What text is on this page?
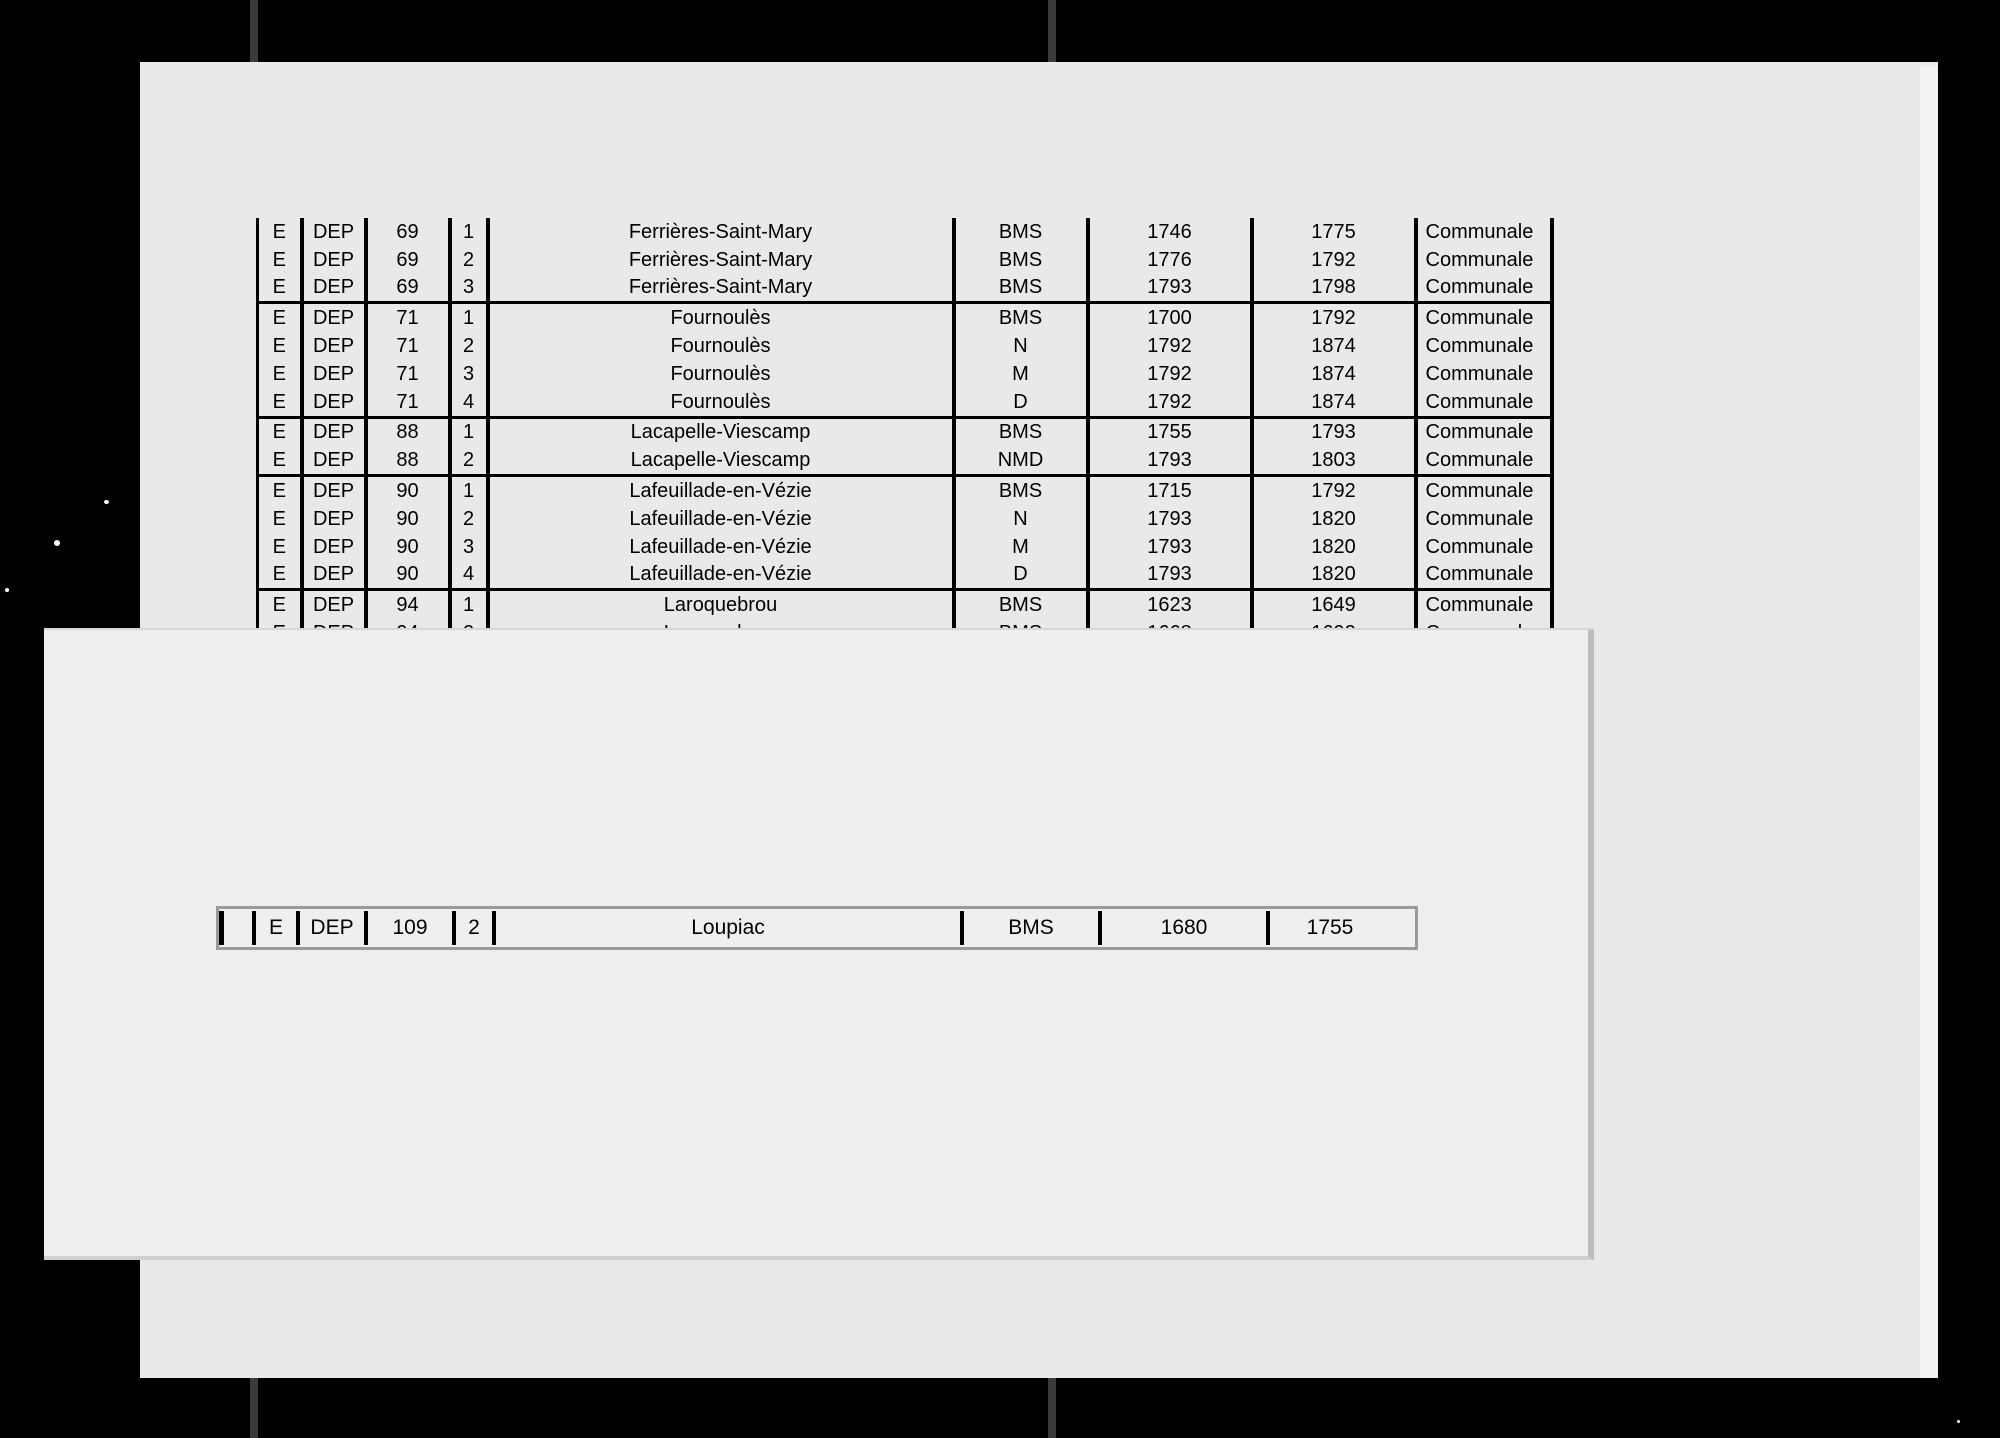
E	DEP	69	1	Ferrières-Saint-Mary	BMS	1746	1775	Communale
E	DEP	69	2	Ferrières-Saint-Mary	BMS	1776	1792	Communale
E	DEP	69	3	Ferrières-Saint-Mary	BMS	1793	1798	Communale
E	DEP	71	1	Fournoulès	BMS	1700	1792	Communale
E	DEP	71	2	Fournoulès	N	1792	1874	Communale
E	DEP	71	3	Fournoulès	M	1792	1874	Communale
E	DEP	71	4	Fournoulès	D	1792	1874	Communale
E	DEP	88	1	Lacapelle-Viescamp	BMS	1755	1793	Communale
E	DEP	88	2	Lacapelle-Viescamp	NMD	1793	1803	Communale
E	DEP	90	1	Lafeuillade-en-Vézie	BMS	1715	1792	Communale
E	DEP	90	2	Lafeuillade-en-Vézie	N	1793	1820	Communale
E	DEP	90	3	Lafeuillade-en-Vézie	M	1793	1820	Communale
E	DEP	90	4	Lafeuillade-en-Vézie	D	1793	1820	Communale
E	DEP	94	1	Laroquebrou	BMS	1623	1649	Communale

E	DEP	109	2	Loupiac	BMS	1680	1755
